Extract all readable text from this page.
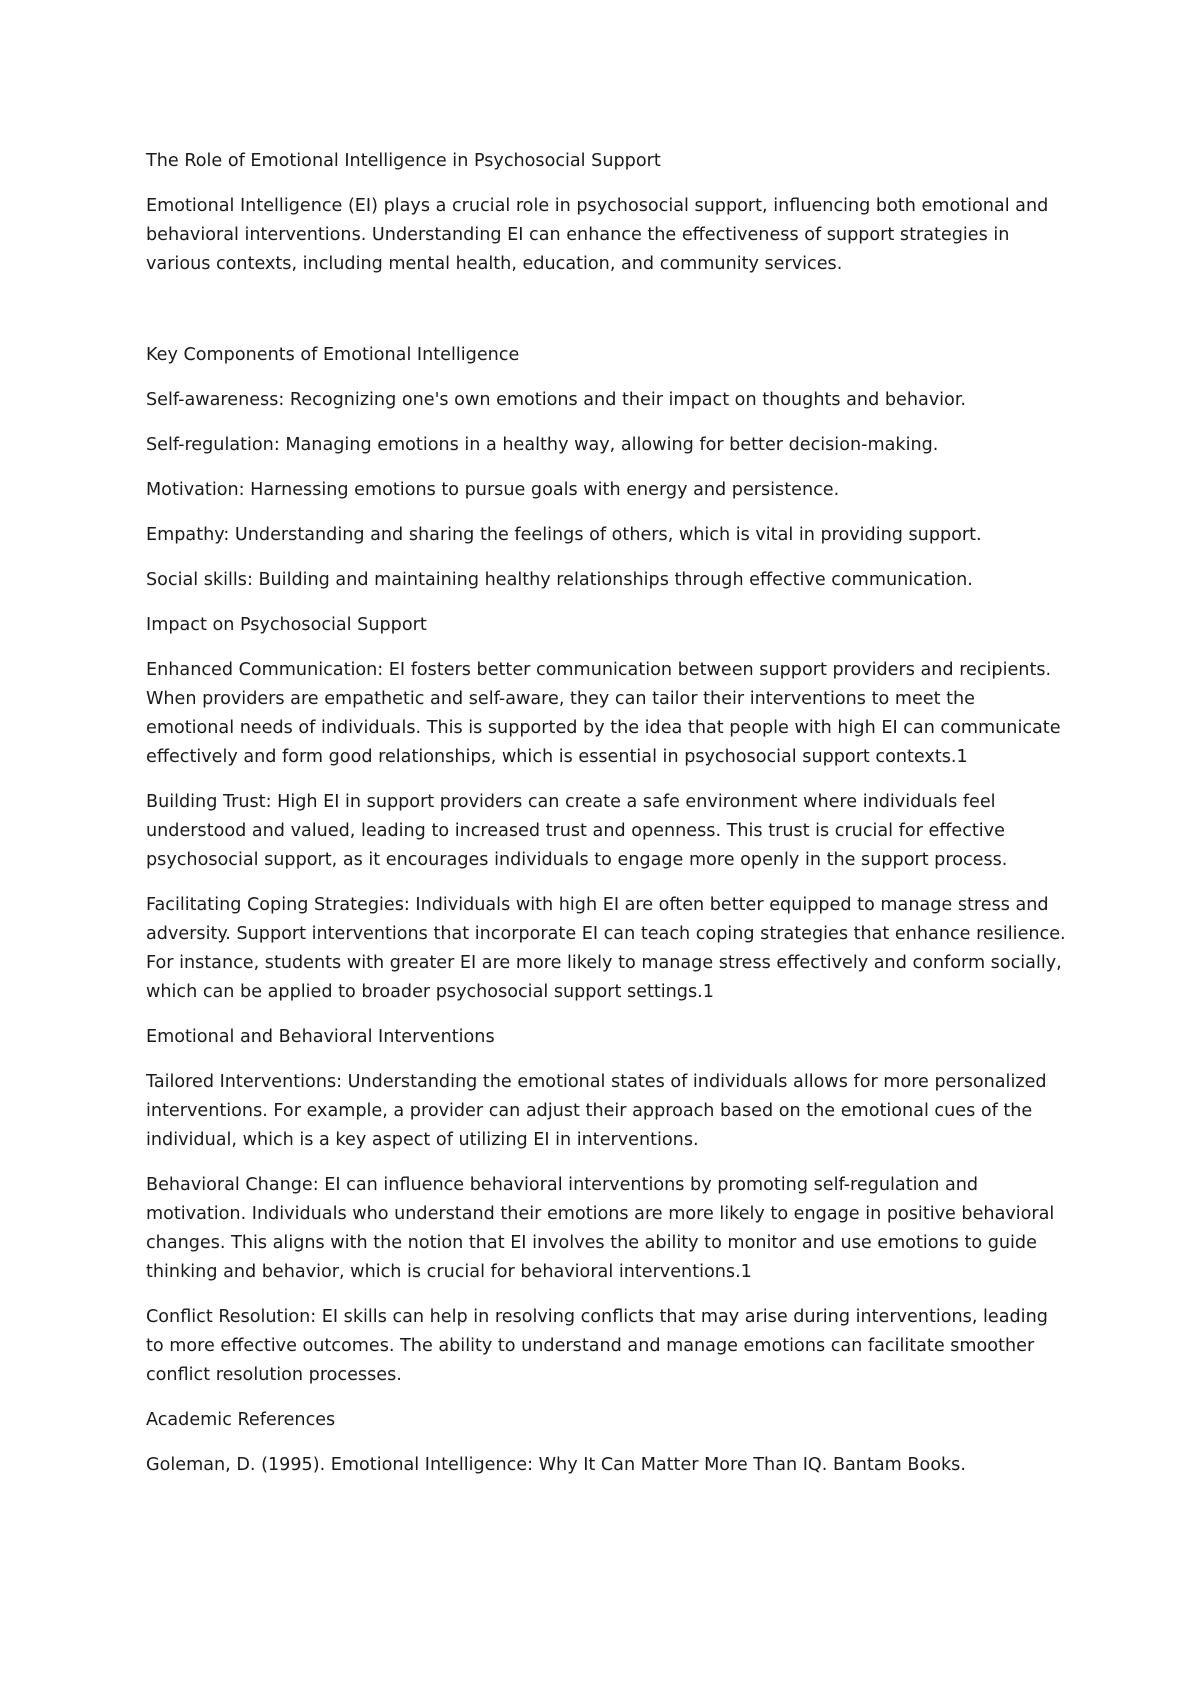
The Role of Emotional Intelligence in Psychosocial Support

Emotional Intelligence (EI) plays a crucial role in psychosocial support, influencing both emotional and behavioral interventions. Understanding EI can enhance the effectiveness of support strategies in various contexts, including mental health, education, and community services.

Key Components of Emotional Intelligence

Self-awareness: Recognizing one's own emotions and their impact on thoughts and behavior.

Self-regulation: Managing emotions in a healthy way, allowing for better decision-making.

Motivation: Harnessing emotions to pursue goals with energy and persistence.

Empathy: Understanding and sharing the feelings of others, which is vital in providing support.

Social skills: Building and maintaining healthy relationships through effective communication.

Impact on Psychosocial Support

Enhanced Communication: EI fosters better communication between support providers and recipients. When providers are empathetic and self-aware, they can tailor their interventions to meet the emotional needs of individuals. This is supported by the idea that people with high EI can communicate effectively and form good relationships, which is essential in psychosocial support contexts.1

Building Trust: High EI in support providers can create a safe environment where individuals feel understood and valued, leading to increased trust and openness. This trust is crucial for effective psychosocial support, as it encourages individuals to engage more openly in the support process.

Facilitating Coping Strategies: Individuals with high EI are often better equipped to manage stress and adversity. Support interventions that incorporate EI can teach coping strategies that enhance resilience. For instance, students with greater EI are more likely to manage stress effectively and conform socially, which can be applied to broader psychosocial support settings.1

Emotional and Behavioral Interventions

Tailored Interventions: Understanding the emotional states of individuals allows for more personalized interventions. For example, a provider can adjust their approach based on the emotional cues of the individual, which is a key aspect of utilizing EI in interventions.

Behavioral Change: EI can influence behavioral interventions by promoting self-regulation and motivation. Individuals who understand their emotions are more likely to engage in positive behavioral changes. This aligns with the notion that EI involves the ability to monitor and use emotions to guide thinking and behavior, which is crucial for behavioral interventions.1

Conflict Resolution: EI skills can help in resolving conflicts that may arise during interventions, leading to more effective outcomes. The ability to understand and manage emotions can facilitate smoother conflict resolution processes.

Academic References

Goleman, D. (1995). Emotional Intelligence: Why It Can Matter More Than IQ. Bantam Books.
